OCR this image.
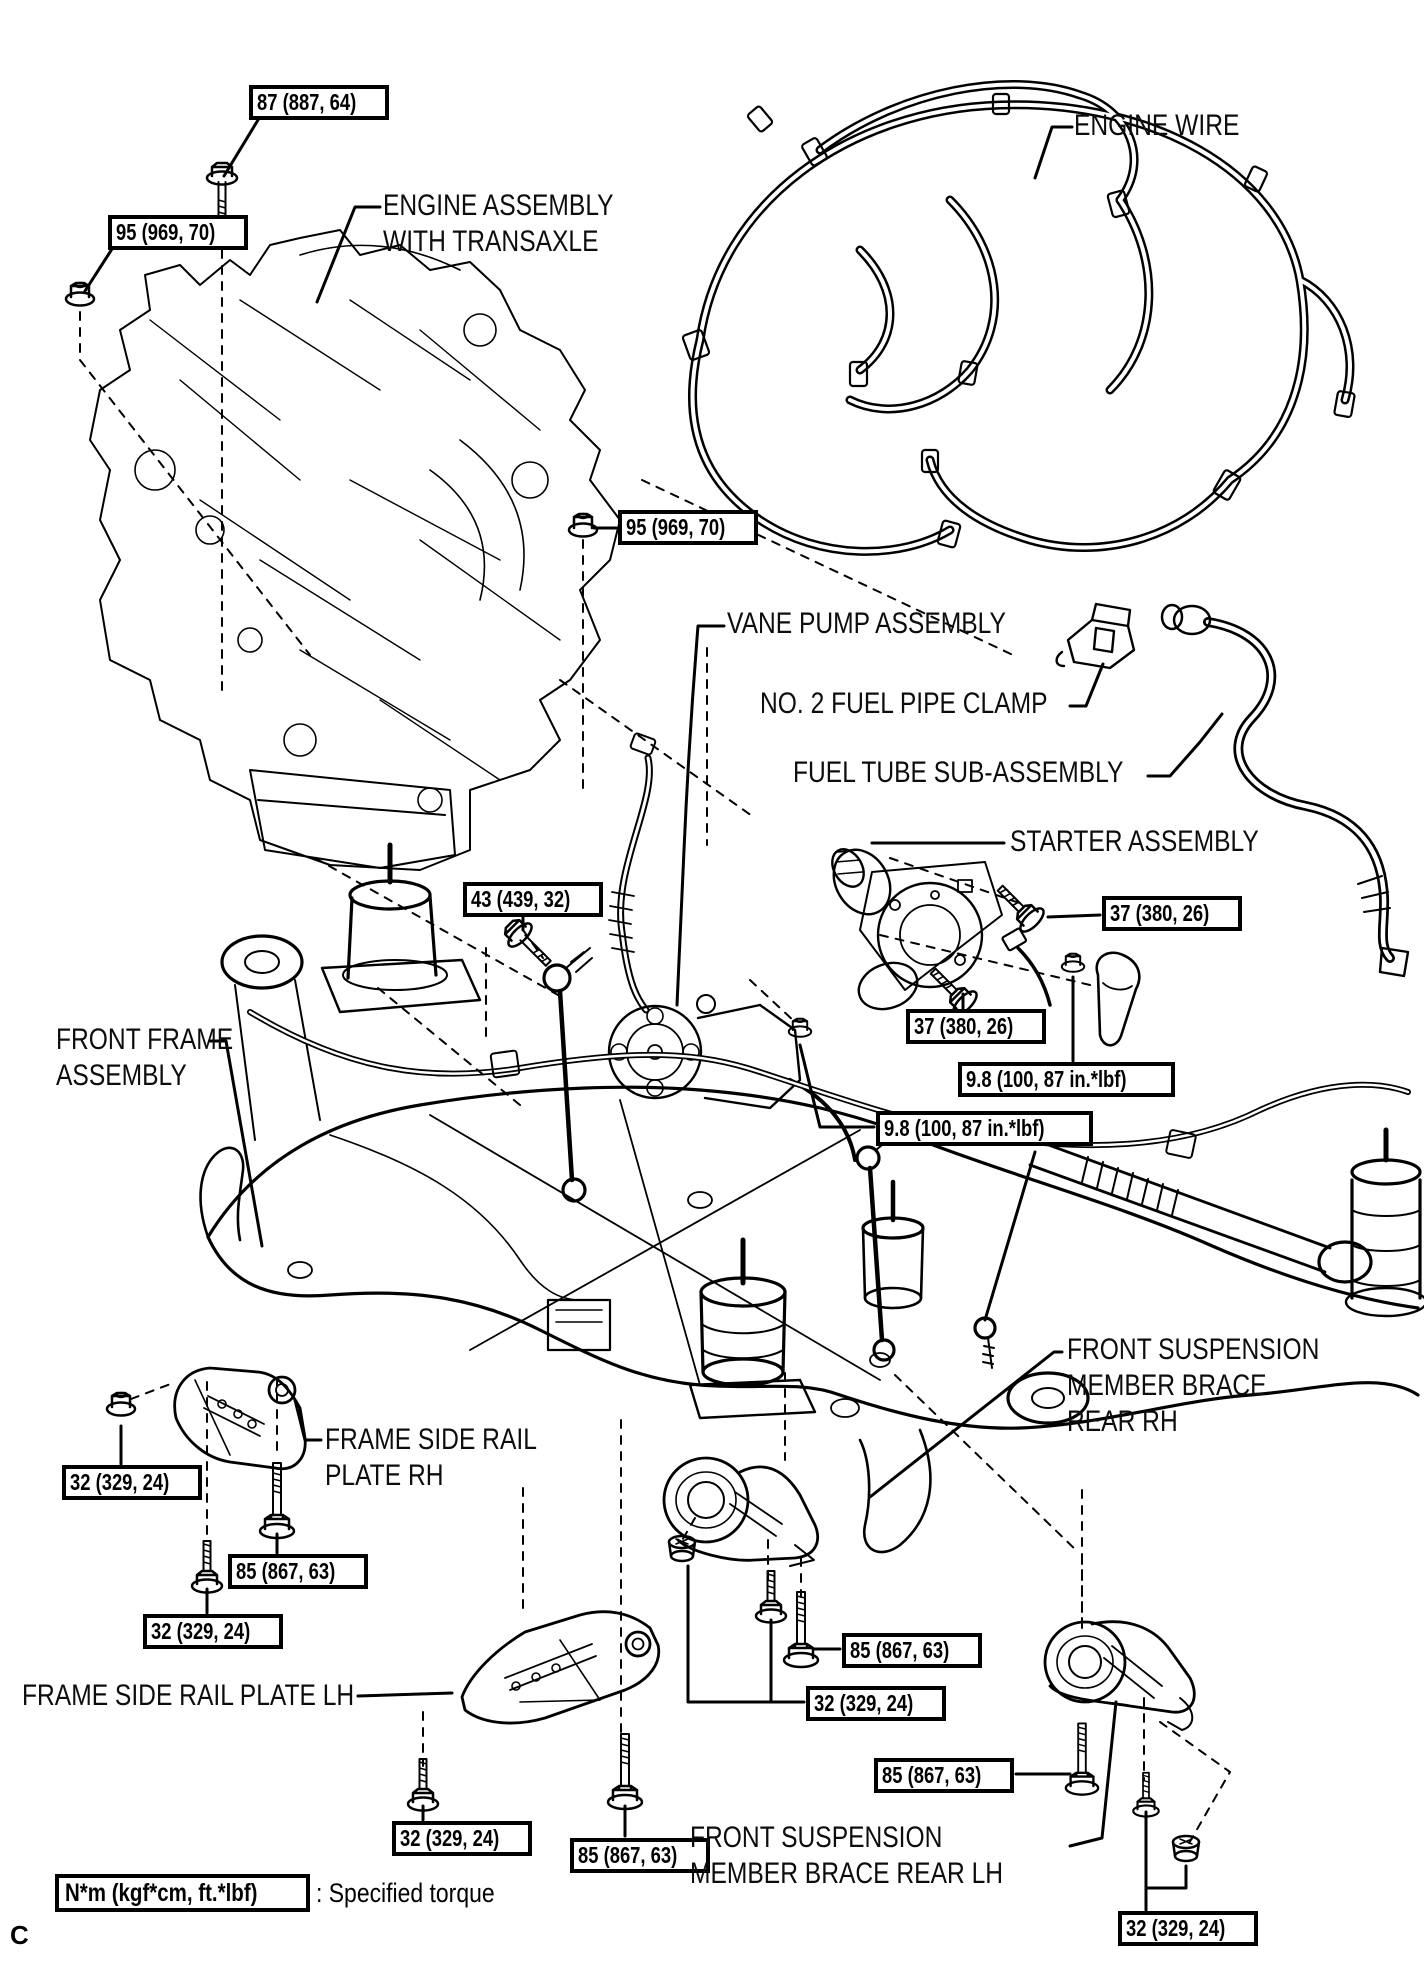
87 (887, 64)
95 (969, 70)
95 (969, 70)
43 (439, 32)
37 (380, 26)
37 (380, 26)
9.8 (100, 87 in.*lbf)
9.8 (100, 87 in.*lbf)
32 (329, 24)
85 (867, 63)
32 (329, 24)
85 (867, 63)
32 (329, 24)
85 (867, 63)
32 (329, 24)
85 (867, 63)
32 (329, 24)
ENGINE WIRE
ENGINE ASSEMBLY
WITH TRANSAXLE
VANE PUMP ASSEMBLY
NO. 2 FUEL PIPE CLAMP
FUEL TUBE SUB-ASSEMBLY
STARTER ASSEMBLY
FRONT FRAME
ASSEMBLY
FRAME SIDE RAIL
PLATE RH
FRAME SIDE RAIL PLATE LH
FRONT SUSPENSION
MEMBER BRACE
REAR RH
FRONT SUSPENSION
MEMBER BRACE REAR LH
N*m (kgf*cm, ft.*lbf)	: Specified torque
C
